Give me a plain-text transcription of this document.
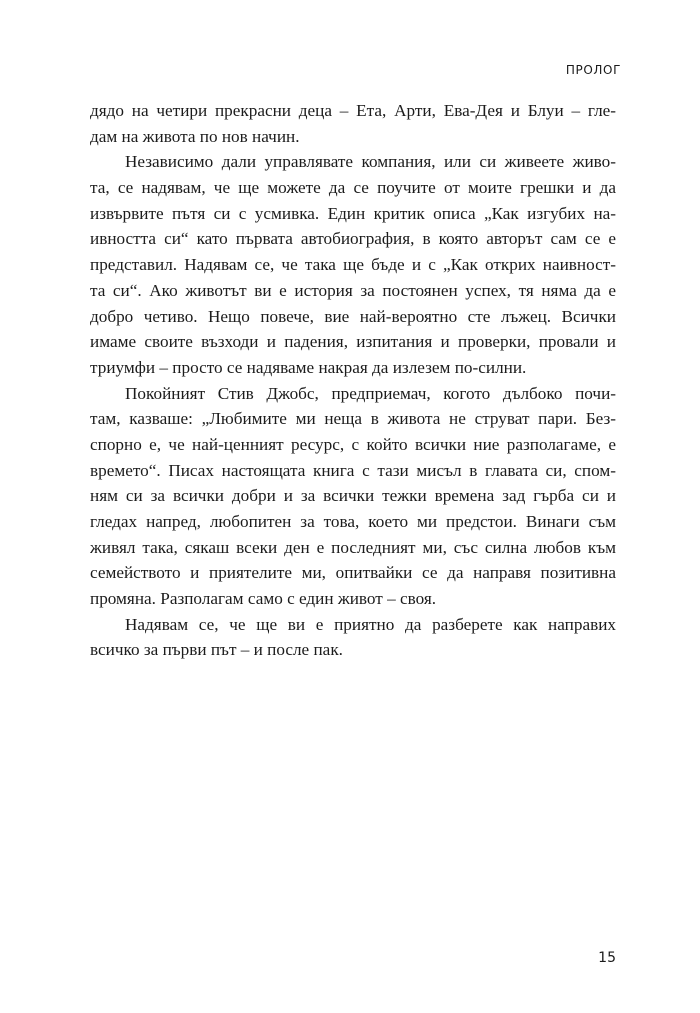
ПРОЛОГ
дядо на четири прекрасни деца – Ета, Арти, Ева-Дея и Блуи – гле-
дам на живота по нов начин.
Независимо дали управлявате компания, или си живеете живо-
та, се надявам, че ще можете да се поучите от моите грешки и да
извървите пътя си с усмивка. Един критик описа „Как изгубих на-
ивността си“ като първата автобиография, в която авторът сам се е
представил. Надявам се, че така ще бъде и с „Как открих наивност-
та си“. Ако животът ви е история за постоянен успех, тя няма да е
добро четиво. Нещо повече, вие най-вероятно сте лъжец. Всички
имаме своите възходи и падения, изпитания и проверки, провали и
триумфи – просто се надяваме накрая да излезем по-силни.
Покойният Стив Джобс, предприемач, когото дълбоко почи-
там, казваше: „Любимите ми неща в живота не струват пари. Без-
спорно е, че най-ценният ресурс, с който всички ние разполагаме, е
времето“. Писах настоящата книга с тази мисъл в главата си, спом-
ням си за всички добри и за всички тежки времена зад гърба си и
гледах напред, любопитен за това, което ми предстои. Винаги съм
живял така, сякаш всеки ден е последният ми, със силна любов към
семейството и приятелите ми, опитвайки се да направя позитивна
промяна. Разполагам само с един живот – своя.
Надявам се, че ще ви е приятно да разберете как направих
всичко за първи път – и после пак.
15
